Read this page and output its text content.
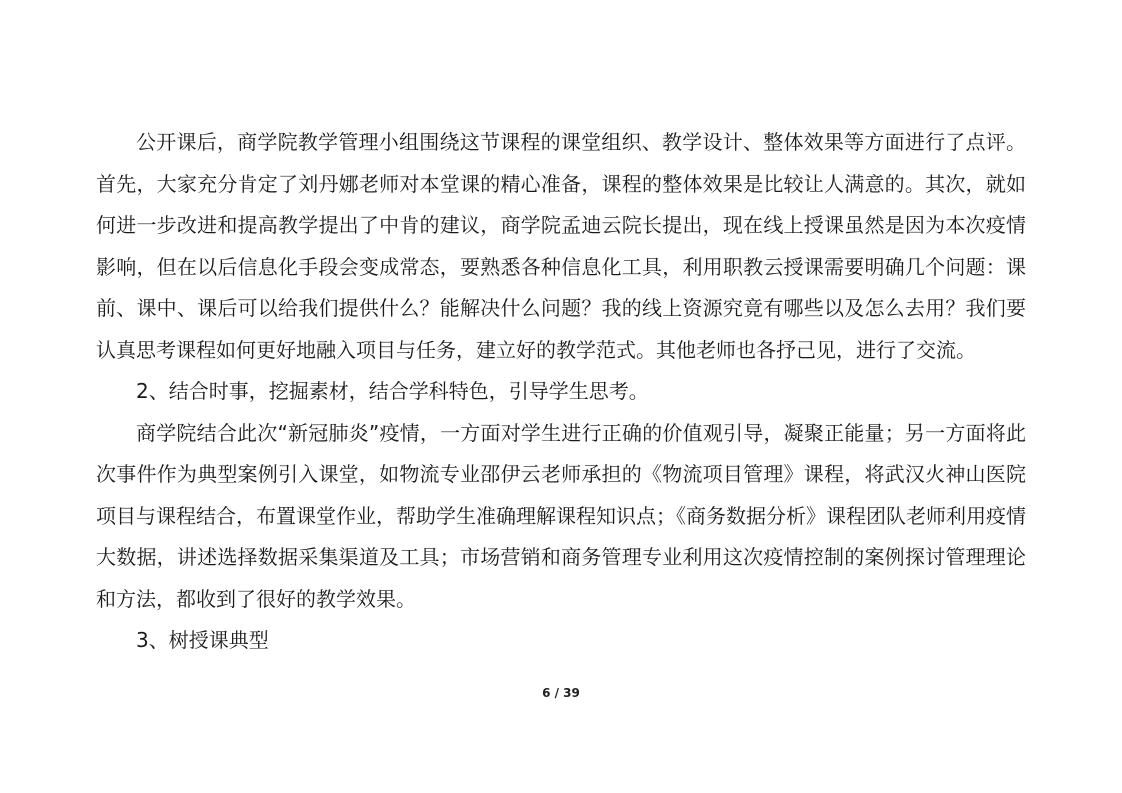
公开课后，商学院教学管理小组围绕这节课程的课堂组织、教学设计、整体效果等方面进行了点评。首先，大家充分肯定了刘丹娜老师对本堂课的精心准备，课程的整体效果是比较让人满意的。其次，就如何进一步改进和提高教学提出了中肯的建议，商学院孟迪云院长提出，现在线上授课虽然是因为本次疫情影响，但在以后信息化手段会变成常态，要熟悉各种信息化工具，利用职教云授课需要明确几个问题：课前、课中、课后可以给我们提供什么？能解决什么问题？我的线上资源究竟有哪些以及怎么去用？我们要认真思考课程如何更好地融入项目与任务，建立好的教学范式。其他老师也各抒己见，进行了交流。

2、结合时事，挖掘素材，结合学科特色，引导学生思考。

商学院结合此次“新冠肺炎”疫情，一方面对学生进行正确的价值观引导，凝聚正能量；另一方面将此次事件作为典型案例引入课堂，如物流专业邵伊云老师承担的《物流项目管理》课程，将武汉火神山医院项目与课程结合，布置课堂作业，帮助学生准确理解课程知识点；《商务数据分析》课程团队老师利用疫情大数据，讲述选择数据采集渠道及工具；市场营销和商务管理专业利用这次疫情控制的案例探讨管理理论和方法，都收到了很好的教学效果。

3、树授课典型

6 / 39
